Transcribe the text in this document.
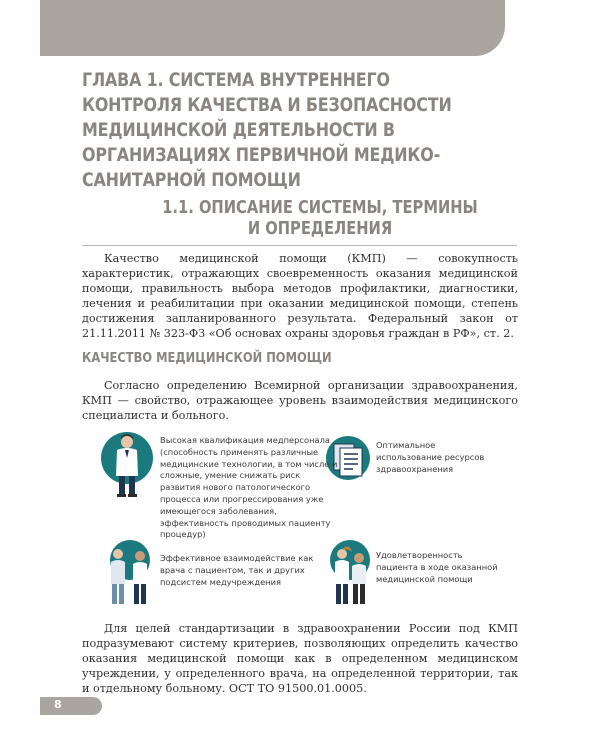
ГЛАВА 1. СИСТЕМА ВНУТРЕННЕГО КОНТРОЛЯ КАЧЕСТВА И БЕЗОПАСНОСТИ МЕДИЦИНСКОЙ ДЕЯТЕЛЬНОСТИ В ОРГАНИЗАЦИЯХ ПЕРВИЧНОЙ МЕДИКО-САНИТАРНОЙ ПОМОЩИ
1.1. ОПИСАНИЕ СИСТЕМЫ, ТЕРМИНЫ
И ОПРЕДЕЛЕНИЯ

Качество медицинской помощи (КМП) — совокупность характеристик, отражающих своевременность оказания медицинской помощи, правильность выбора методов профилактики, диагностики, лечения и реабилитации при оказании медицинской помощи, степень достижения запланированного результата. Федеральный закон от 21.11.2011 № 323-ФЗ «Об основах охраны здоровья граждан в РФ», ст. 2.

КАЧЕСТВО МЕДИЦИНСКОЙ ПОМОЩИ

Согласно определению Всемирной организации здравоохранения, КМП — свойство, отражающее уровень взаимодействия медицинского специалиста и больного.

Высокая квалификация медперсонала (способность применять различные медицинские технологии, в том числе и сложные, умение снижать риск развития нового патологического процесса или прогрессирования уже имеющегося заболевания, эффективность проводимых пациенту процедур)

Оптимальное использование ресурсов здравоохранения

Эффективное взаимодействие как врача с пациентом, так и других подсистем медучреждения

Удовлетворенность пациента в ходе оказанной медицинской помощи

Для целей стандартизации в здравоохранении России под КМП подразумевают систему критериев, позволяющих определить качество оказания медицинской помощи как в определенном медицинском учреждении, у определенного врача, на определенной территории, так и отдельному больному. ОСТ ТО 91500.01.0005.

8
